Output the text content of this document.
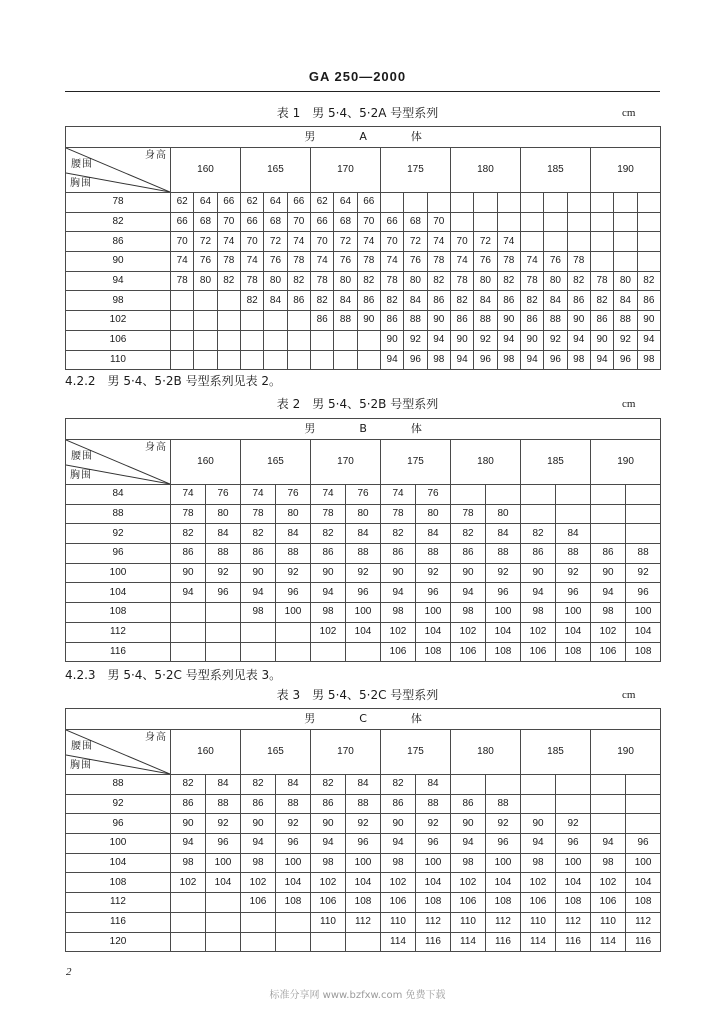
GA 250—2000
表 1　男 5·4、5·2A 号型系列	cm
男 A 体																					

身高
腰围
胸围	160			165			170			175			180			185			190		
78	62	64	66	62	64	66	62	64	66												
82	66	68	70	66	68	70	66	68	70	66	68	70									
86	70	72	74	70	72	74	70	72	74	70	72	74	70	72	74						
90	74	76	78	74	76	78	74	76	78	74	76	78	74	76	78	74	76	78			
94	78	80	82	78	80	82	78	80	82	78	80	82	78	80	82	78	80	82	78	80	82
98				82	84	86	82	84	86	82	84	86	82	84	86	82	84	86	82	84	86
102							86	88	90	86	88	90	86	88	90	86	88	90	86	88	90
106										90	92	94	90	92	94	90	92	94	90	92	94
110										94	96	98	94	96	98	94	96	98	94	96	98
4.2.2　男 5·4、5·2B 号型系列见表 2。
表 2　男 5·4、5·2B 号型系列	cm
男 B 体														

身高
腰围
胸围	160		165		170		175		180		185		190	
84	74	76	74	76	74	76	74	76						
88	78	80	78	80	78	80	78	80	78	80				
92	82	84	82	84	82	84	82	84	82	84	82	84		
96	86	88	86	88	86	88	86	88	86	88	86	88	86	88
100	90	92	90	92	90	92	90	92	90	92	90	92	90	92
104	94	96	94	96	94	96	94	96	94	96	94	96	94	96
108			98	100	98	100	98	100	98	100	98	100	98	100
112					102	104	102	104	102	104	102	104	102	104
116							106	108	106	108	106	108	106	108
4.2.3　男 5·4、5·2C 号型系列见表 3。
表 3　男 5·4、5·2C 号型系列	cm
男 C 体														

身高
腰围
胸围	160		165		170		175		180		185		190	
88	82	84	82	84	82	84	82	84						
92	86	88	86	88	86	88	86	88	86	88				
96	90	92	90	92	90	92	90	92	90	92	90	92		
100	94	96	94	96	94	96	94	96	94	96	94	96	94	96
104	98	100	98	100	98	100	98	100	98	100	98	100	98	100
108	102	104	102	104	102	104	102	104	102	104	102	104	102	104
112			106	108	106	108	106	108	106	108	106	108	106	108
116					110	112	110	112	110	112	110	112	110	112
120							114	116	114	116	114	116	114	116
2
标准分享网 www.bzfxw.com 免费下载
